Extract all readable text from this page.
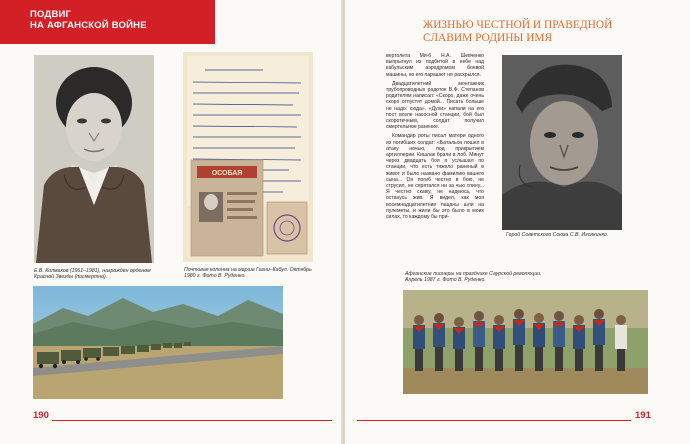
ПОДВИГ
НА АФГАНСКОЙ ВОЙНЕ
Е.В. Колмаков (1961–1981), награжден орденом Красной Звезды (посмертно).
ОСОБАЯ
Почтовая колонна на марше Газни–Кабул. Октябрь 1980 г. Фото В. Руденко.
190
ЖИЗНЬЮ ЧЕСТНОЙ И ПРАВЕДНОЙ
СЛАВИМ РОДИНЫ ИМЯ

вертолета Ми-6 Н.А. Шевченко выпрыгнул из подбитой в небе над кабульским аэродромом боевой машины, но его парашют не раскрылся.

Двадцатилетний монтажник трубопроводных радоток В.Ф. Степанов родителям написал: «Скоро, даже очень скоро отпустят домой... Писать больше не надо: сюда». «Духи» напали на его пост возле насосной станции, бой был скоротечным, солдат получил смертельное ранение.

Командир роты писал матери одного из погибших солдат: «Батальон пошел в атаку ночью, под прикрытием артиллерии. Кишлак брали в лоб. Минут через двадцать боя я услышал по станции, что есть тяжело раненый в живот и было названо фамилию вашего сына... Он погиб честно в бою, не струсил, не спрятался ни за чью спину... Я честно скажу, не надеюсь, что останусь жив. Я видел, как моя восемнадцатилетние пацаны шли на пулеметы, и жили бы это было в моих силах, то каждому бы при-

Герой Советского Союза С.В. Иголкинко.
Афганские пионеры на празднике Саурской революции. Апрель 1987 г. Фото В. Руденко.
191
